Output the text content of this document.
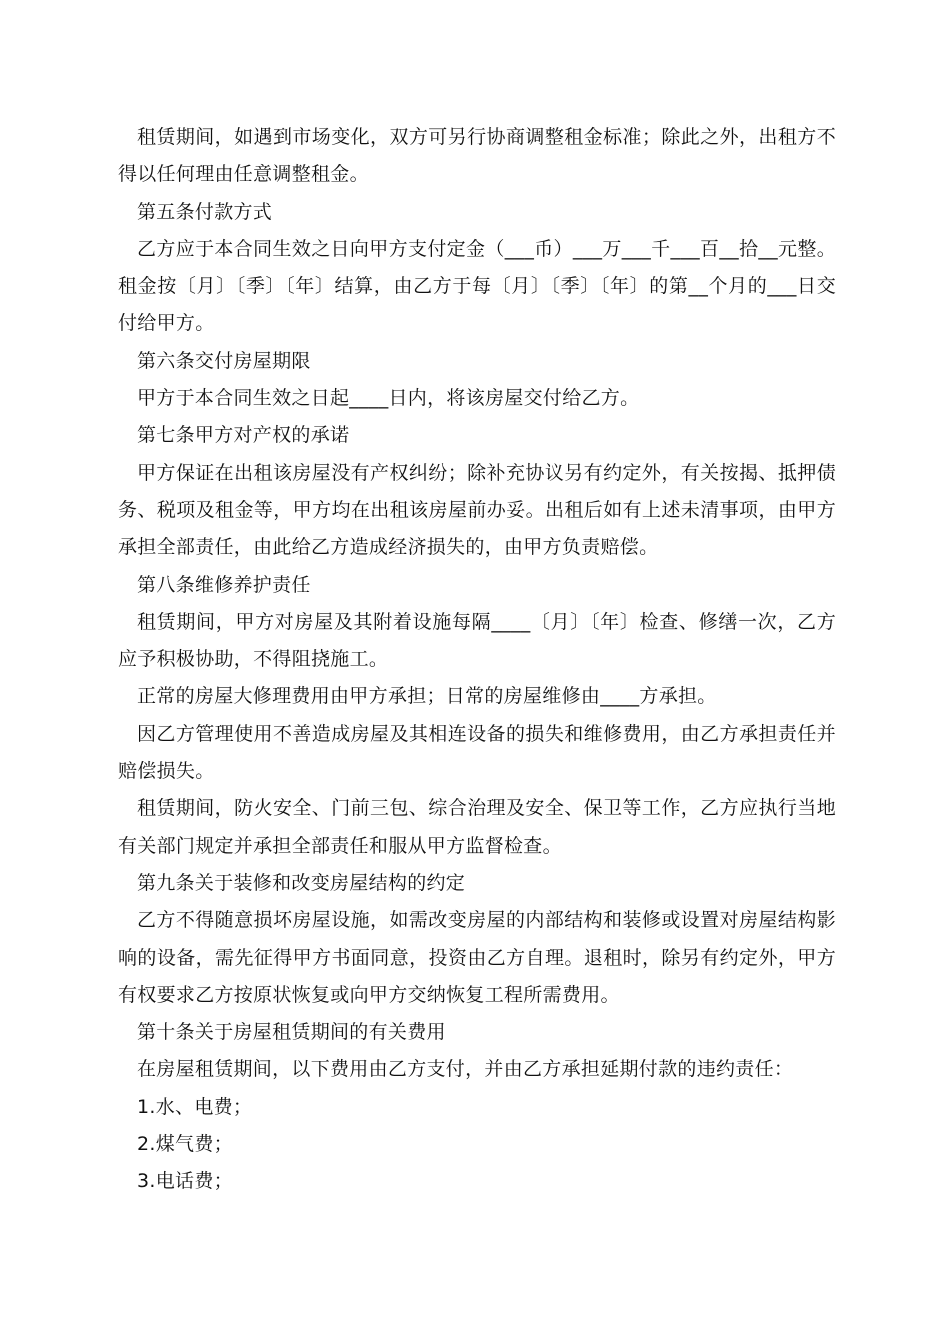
租赁期间，如遇到市场变化，双方可另行协商调整租金标准；除此之外，出租方不得以任何理由任意调整租金。

第五条付款方式

乙方应于本合同生效之日向甲方支付定金（___币）___万___千___百__拾__元整。租金按〔月〕〔季〕〔年〕结算，由乙方于每〔月〕〔季〕〔年〕的第__个月的___日交付给甲方。

第六条交付房屋期限

甲方于本合同生效之日起____日内，将该房屋交付给乙方。

第七条甲方对产权的承诺

甲方保证在出租该房屋没有产权纠纷；除补充协议另有约定外，有关按揭、抵押债务、税项及租金等，甲方均在出租该房屋前办妥。出租后如有上述未清事项，由甲方承担全部责任，由此给乙方造成经济损失的，由甲方负责赔偿。

第八条维修养护责任

租赁期间，甲方对房屋及其附着设施每隔____〔月〕〔年〕检查、修缮一次，乙方应予积极协助，不得阻挠施工。

正常的房屋大修理费用由甲方承担；日常的房屋维修由____方承担。

因乙方管理使用不善造成房屋及其相连设备的损失和维修费用，由乙方承担责任并赔偿损失。

租赁期间，防火安全、门前三包、综合治理及安全、保卫等工作，乙方应执行当地有关部门规定并承担全部责任和服从甲方监督检查。

第九条关于装修和改变房屋结构的约定

乙方不得随意损坏房屋设施，如需改变房屋的内部结构和装修或设置对房屋结构影响的设备，需先征得甲方书面同意，投资由乙方自理。退租时，除另有约定外，甲方有权要求乙方按原状恢复或向甲方交纳恢复工程所需费用。

第十条关于房屋租赁期间的有关费用

在房屋租赁期间，以下费用由乙方支付，并由乙方承担延期付款的违约责任：

1.水、电费；

2.煤气费；

3.电话费；
